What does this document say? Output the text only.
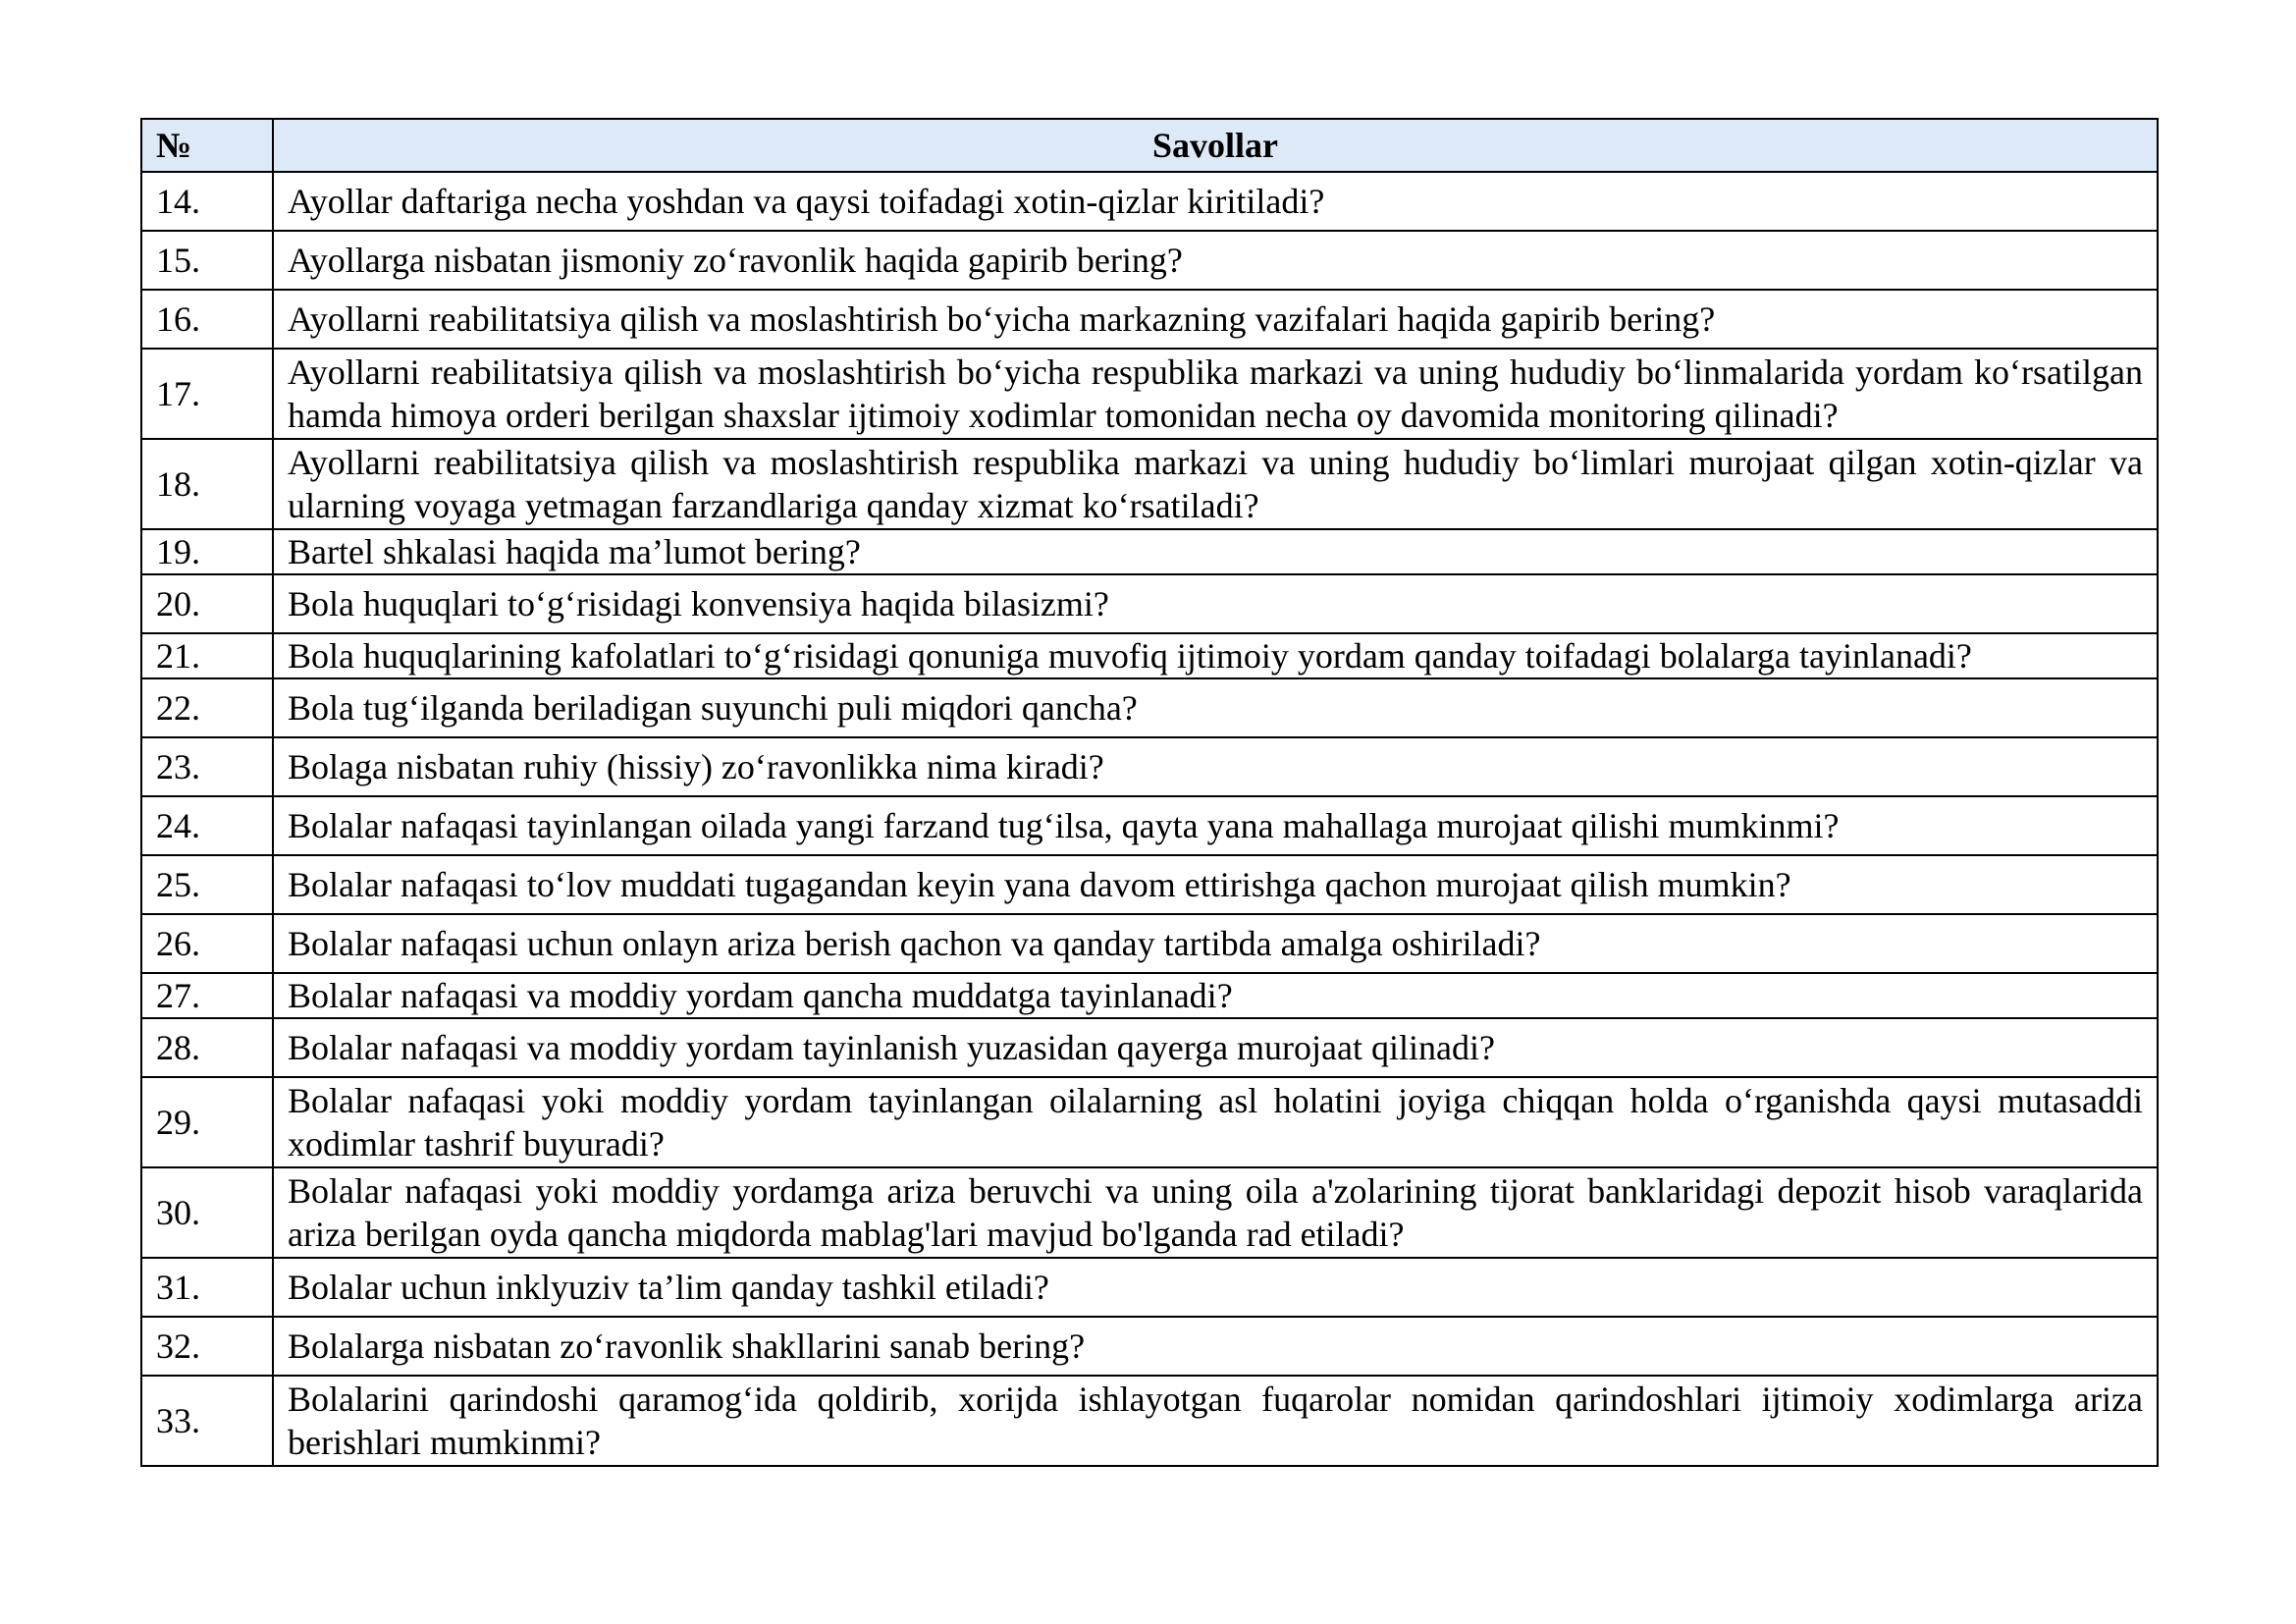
№	Savollar
14.	Ayollar daftariga necha yoshdan va qaysi toifadagi xotin-qizlar kiritiladi?
15.	Ayollarga nisbatan jismoniy zo‘ravonlik haqida gapirib bering?
16.	Ayollarni reabilitatsiya qilish va moslashtirish bo‘yicha markazning vazifalari haqida gapirib bering?
17.	Ayollarni reabilitatsiya qilish va moslashtirish bo‘yicha respublika markazi va uning hududiy bo‘linmalarida yordam ko‘rsatilgan hamda himoya orderi berilgan shaxslar ijtimoiy xodimlar tomonidan necha oy davomida monitoring qilinadi?
18.	Ayollarni reabilitatsiya qilish va moslashtirish respublika markazi va uning hududiy bo‘limlari murojaat qilgan xotin-qizlar va ularning voyaga yetmagan farzandlariga qanday xizmat ko‘rsatiladi?
19.	Bartel shkalasi haqida ma’lumot bering?
20.	Bola huquqlari to‘g‘risidagi konvensiya haqida bilasizmi?
21.	Bola huquqlarining kafolatlari to‘g‘risidagi qonuniga muvofiq ijtimoiy yordam qanday toifadagi bolalarga tayinlanadi?
22.	Bola tug‘ilganda beriladigan suyunchi puli miqdori qancha?
23.	Bolaga nisbatan ruhiy (hissiy) zo‘ravonlikka nima kiradi?
24.	Bolalar nafaqasi tayinlangan oilada yangi farzand tug‘ilsa, qayta yana mahallaga murojaat qilishi mumkinmi?
25.	Bolalar nafaqasi to‘lov muddati tugagandan keyin yana davom ettirishga qachon murojaat qilish mumkin?
26.	Bolalar nafaqasi uchun onlayn ariza berish qachon va qanday tartibda amalga oshiriladi?
27.	Bolalar nafaqasi va moddiy yordam qancha muddatga tayinlanadi?
28.	Bolalar nafaqasi va moddiy yordam tayinlanish yuzasidan qayerga murojaat qilinadi?
29.	Bolalar nafaqasi yoki moddiy yordam tayinlangan oilalarning asl holatini joyiga chiqqan holda o‘rganishda qaysi mutasaddi xodimlar tashrif buyuradi?
30.	Bolalar nafaqasi yoki moddiy yordamga ariza beruvchi va uning oila a'zolarining tijorat banklaridagi depozit hisob varaqlarida ariza berilgan oyda qancha miqdorda mablag'lari mavjud bo'lganda rad etiladi?
31.	Bolalar uchun inklyuziv ta’lim qanday tashkil etiladi?
32.	Bolalarga nisbatan zo‘ravonlik shakllarini sanab bering?
33.	Bolalarini qarindoshi qaramog‘ida qoldirib, xorijda ishlayotgan fuqarolar nomidan qarindoshlari ijtimoiy xodimlarga ariza berishlari mumkinmi?
